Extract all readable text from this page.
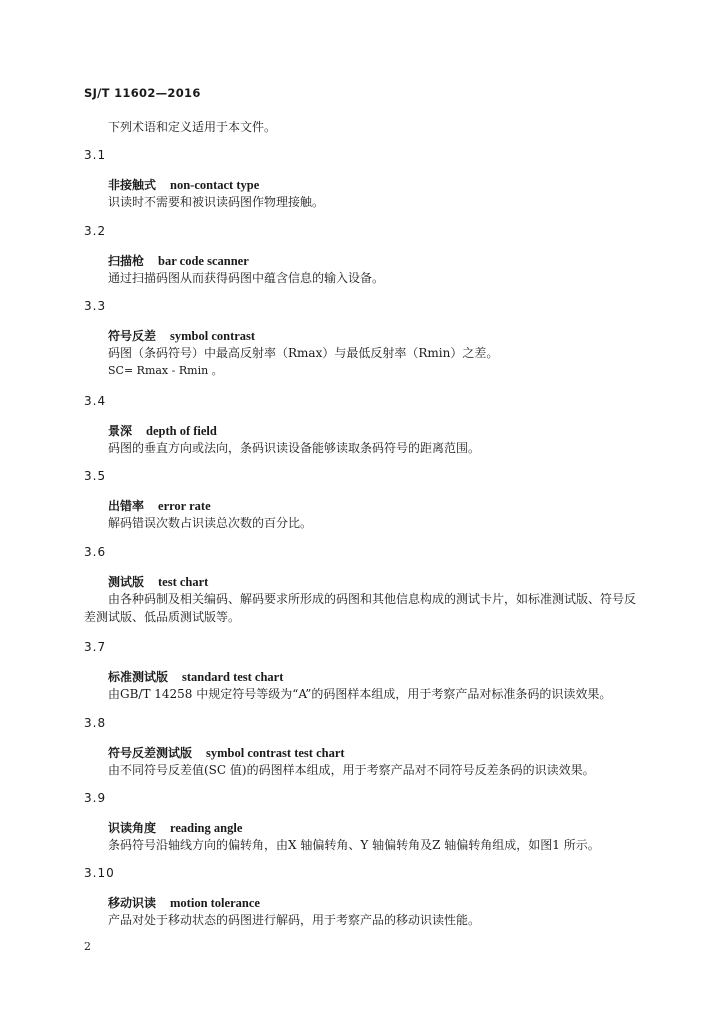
SJ/T 11602—2016
下列术语和定义适用于本文件。
3.1
非接触式 non-contact type
识读时不需要和被识读码图作物理接触。
3.2
扫描枪 bar code scanner
通过扫描码图从而获得码图中蕴含信息的输入设备。
3.3
符号反差 symbol contrast
码图（条码符号）中最高反射率（Rmax）与最低反射率（Rmin）之差。
SC= Rmax - Rmin 。
3.4
景深 depth of field
码图的垂直方向或法向，条码识读设备能够读取条码符号的距离范围。
3.5
出错率 error rate
解码错误次数占识读总次数的百分比。
3.6
测试版 test chart
由各种码制及相关编码、解码要求所形成的码图和其他信息构成的测试卡片，如标准测试版、符号反差测试版、低品质测试版等。
3.7
标准测试版 standard test chart
由GB/T 14258 中规定符号等级为“A”的码图样本组成，用于考察产品对标准条码的识读效果。
3.8
符号反差测试版 symbol contrast test chart
由不同符号反差值(SC 值)的码图样本组成，用于考察产品对不同符号反差条码的识读效果。
3.9
识读角度 reading angle
条码符号沿轴线方向的偏转角，由X 轴偏转角、Y 轴偏转角及Z 轴偏转角组成，如图1 所示。
3.10
移动识读 motion tolerance
产品对处于移动状态的码图进行解码，用于考察产品的移动识读性能。
2
